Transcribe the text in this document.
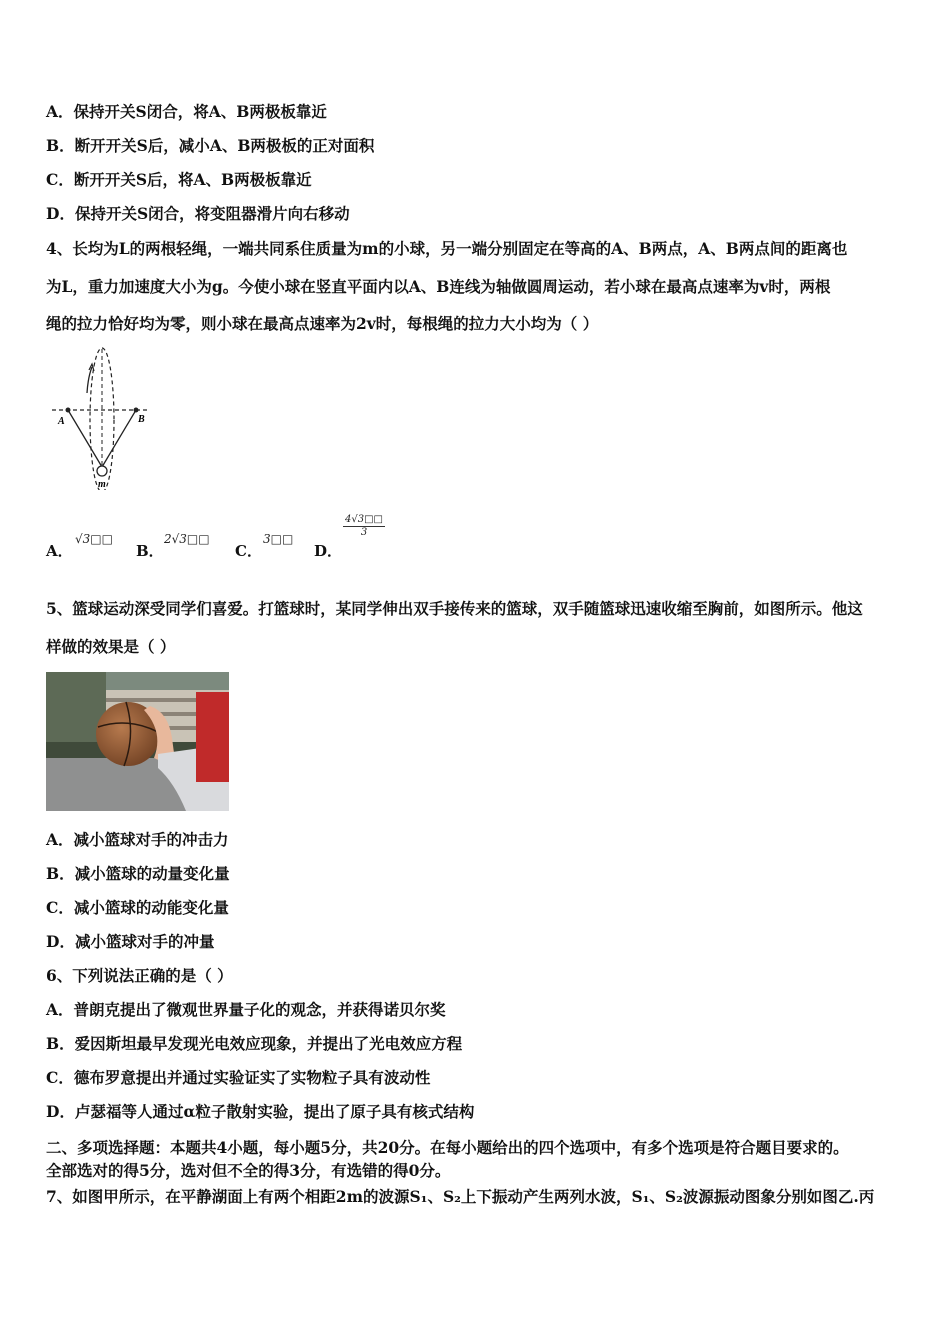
A．保持开关S闭合，将A、B两极板靠近
B．断开开关S后，减小A、B两极板的正对面积
C．断开开关S后，将A、B两极板靠近
D．保持开关S闭合，将变阻器滑片向右移动
4、长均为L的两根轻绳，一端共同系住质量为m的小球，另一端分别固定在等高的A、B两点，A、B两点间的距离也
为L，重力加速度大小为g。今使小球在竖直平面内以A、B连线为轴做圆周运动，若小球在最高点速率为v时，两根
绳的拉力恰好均为零，则小球在最高点速率为2v时，每根绳的拉力大小均为（ ）
A	B
m
A．
√3□□
B．
2√3□□
C．
3□□
D．
$\frac{4√3□□}{3}$
5、篮球运动深受同学们喜爱。打篮球时，某同学伸出双手接传来的篮球，双手随篮球迅速收缩至胸前，如图所示。他这
样做的效果是（ ）
A．减小篮球对手的冲击力
B．减小篮球的动量变化量
C．减小篮球的动能变化量
D．减小篮球对手的冲量
6、下列说法正确的是（ ）
A．普朗克提出了微观世界量子化的观念，并获得诺贝尔奖
B．爱因斯坦最早发现光电效应现象，并提出了光电效应方程
C．德布罗意提出并通过实验证实了实物粒子具有波动性
D．卢瑟福等人通过α粒子散射实验，提出了原子具有核式结构
二、多项选择题：本题共4小题，每小题5分，共20分。在每小题给出的四个选项中，有多个选项是符合题目要求的。
全部选对的得5分，选对但不全的得3分，有选错的得0分。
7、如图甲所示，在平静湖面上有两个相距2m的波源S₁、S₂上下振动产生两列水波，S₁、S₂波源振动图象分别如图乙.丙
